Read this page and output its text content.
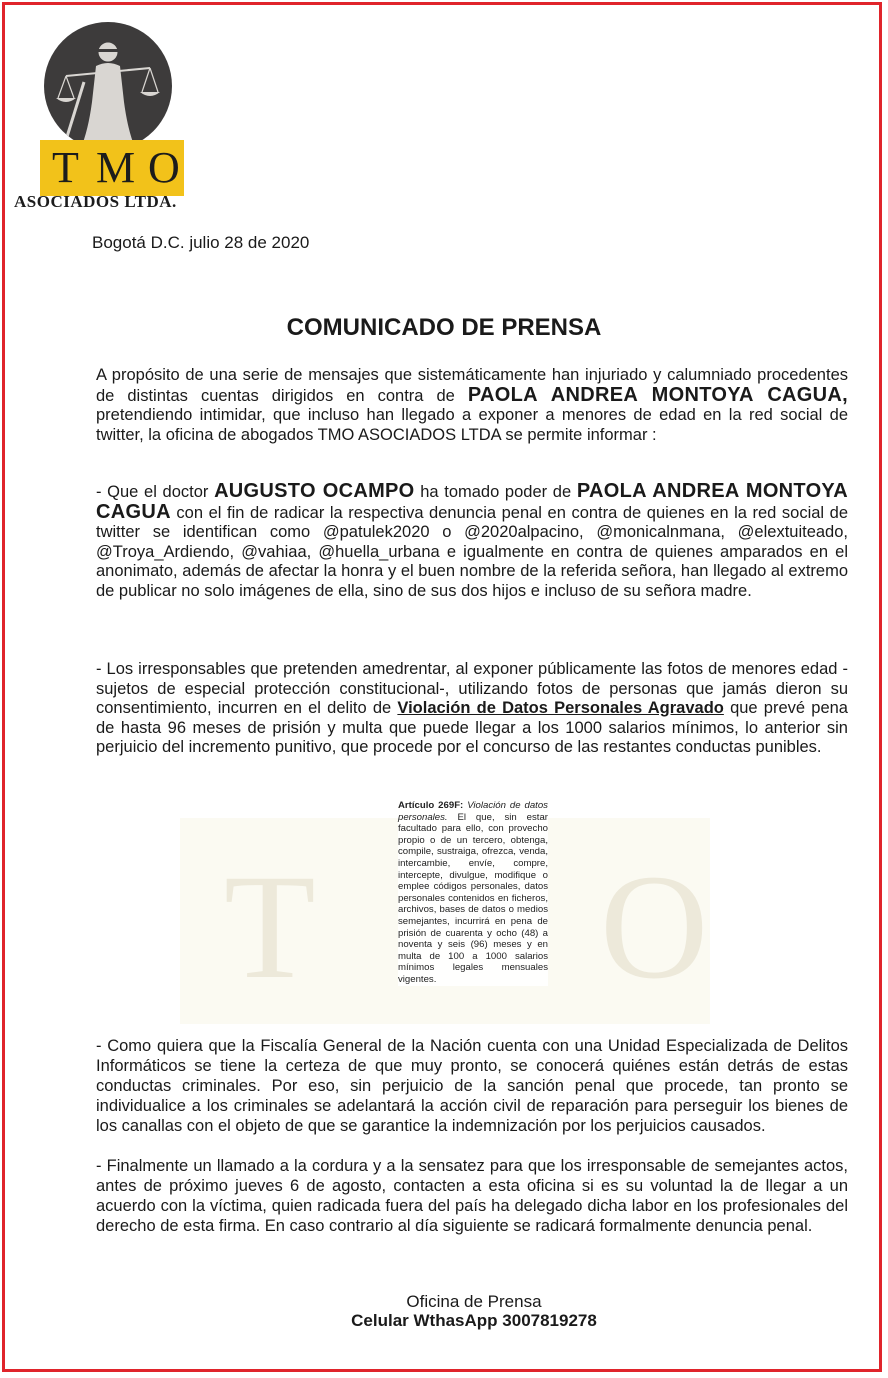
T M O
ASOCIADOS LTDA.
T O
Bogotá D.C. julio 28 de 2020
COMUNICADO DE PRENSA
A propósito de una serie de mensajes que sistemáticamente han injuriado y calumniado procedentes de distintas cuentas dirigidos en contra de PAOLA ANDREA MONTOYA CAGUA, pretendiendo intimidar, que incluso han llegado a exponer a menores de edad en la red social de twitter, la oficina de abogados TMO ASOCIADOS LTDA se permite informar :
- Que el doctor AUGUSTO OCAMPO ha tomado poder de PAOLA ANDREA MONTOYA CAGUA con el fin de radicar la respectiva denuncia penal en contra de quienes en la red social de twitter se identifican como @patulek2020 o @2020alpacino, @monicalnmana, @elextuiteado, @Troya_Ardiendo, @vahiaa, @huella_urbana e igualmente en contra de quienes amparados en el anonimato, además de afectar la honra y el buen nombre de la referida señora, han llegado al extremo de publicar no solo imágenes de ella, sino de sus dos hijos e incluso de su señora madre.
- Los irresponsables que pretenden amedrentar, al exponer públicamente las fotos de menores edad -sujetos de especial protección constitucional-, utilizando fotos de personas que jamás dieron su consentimiento, incurren en el delito de Violación de Datos Personales Agravado que prevé pena de hasta 96 meses de prisión y multa que puede llegar a los 1000 salarios mínimos, lo anterior sin perjuicio del incremento punitivo, que procede por el concurso de las restantes conductas punibles.
Artículo 269F: Violación de datos personales. El que, sin estar facultado para ello, con provecho propio o de un tercero, obtenga, compile, sustraiga, ofrezca, venda, intercambie, envíe, compre, intercepte, divulgue, modifique o emplee códigos personales, datos personales contenidos en ficheros, archivos, bases de datos o medios semejantes, incurrirá en pena de prisión de cuarenta y ocho (48) a noventa y seis (96) meses y en multa de 100 a 1000 salarios mínimos legales mensuales vigentes.
- Como quiera que la Fiscalía General de la Nación cuenta con una Unidad Especializada de Delitos Informáticos se tiene la certeza de que muy pronto, se conocerá quiénes están detrás de estas conductas criminales. Por eso, sin perjuicio de la sanción penal que procede, tan pronto se individualice a los criminales se adelantará la acción civil de reparación para perseguir los bienes de los canallas con el objeto de que se garantice la indemnización por los perjuicios causados.
- Finalmente un llamado a la cordura y a la sensatez para que los irresponsable de semejantes actos, antes de próximo jueves 6 de agosto, contacten a esta oficina si es su voluntad la de llegar a un acuerdo con la víctima, quien radicada fuera del país ha delegado dicha labor en los profesionales del derecho de esta firma. En caso contrario al día siguiente se radicará formalmente denuncia penal.
Oficina de Prensa
Celular WthasApp 3007819278
